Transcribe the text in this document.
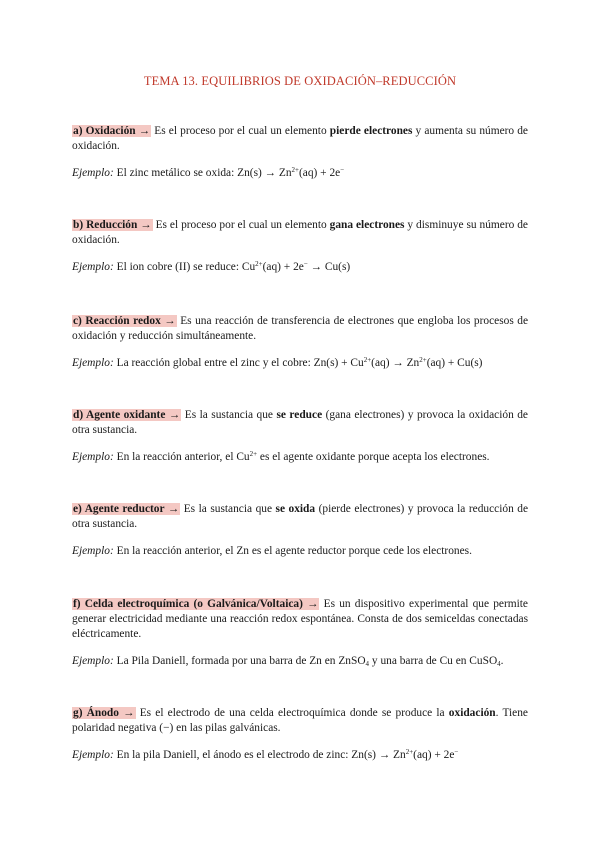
TEMA 13. EQUILIBRIOS DE OXIDACIÓN–REDUCCIÓN

a) Oxidación → Es el proceso por el cual un elemento pierde electrones y aumenta su número de oxidación.

Ejemplo: El zinc metálico se oxida: $Zn(s) \to Zn^{2+}(aq) + 2e^-$

b) Reducción → Es el proceso por el cual un elemento gana electrones y disminuye su número de oxidación.

Ejemplo: El ion cobre (II) se reduce: $Cu^{2+}(aq) + 2e^- \to Cu(s)$

c) Reacción redox → Es una reacción de transferencia de electrones que engloba los procesos de oxidación y reducción simultáneamente.

Ejemplo: La reacción global entre el zinc y el cobre: $Zn(s) + Cu^{2+}(aq) \to Zn^{2+}(aq) + Cu(s)$

d) Agente oxidante → Es la sustancia que se reduce (gana electrones) y provoca la oxidación de otra sustancia.

Ejemplo: En la reacción anterior, el $Cu^{2+}$ es el agente oxidante porque acepta los electrones.

e) Agente reductor → Es la sustancia que se oxida (pierde electrones) y provoca la reducción de otra sustancia.

Ejemplo: En la reacción anterior, el Zn es el agente reductor porque cede los electrones.

f) Celda electroquímica (o Galvánica/Voltaica) → Es un dispositivo experimental que permite generar electricidad mediante una reacción redox espontánea. Consta de dos semiceldas conectadas eléctricamente.

Ejemplo: La Pila Daniell, formada por una barra de Zn en ZnSO$_4$ y una barra de Cu en CuSO$_4$.

g) Ánodo → Es el electrodo de una celda electroquímica donde se produce la oxidación. Tiene polaridad negativa (−) en las pilas galvánicas.

Ejemplo: En la pila Daniell, el ánodo es el electrodo de zinc: $Zn(s) \to Zn^{2+}(aq) + 2e^-$
